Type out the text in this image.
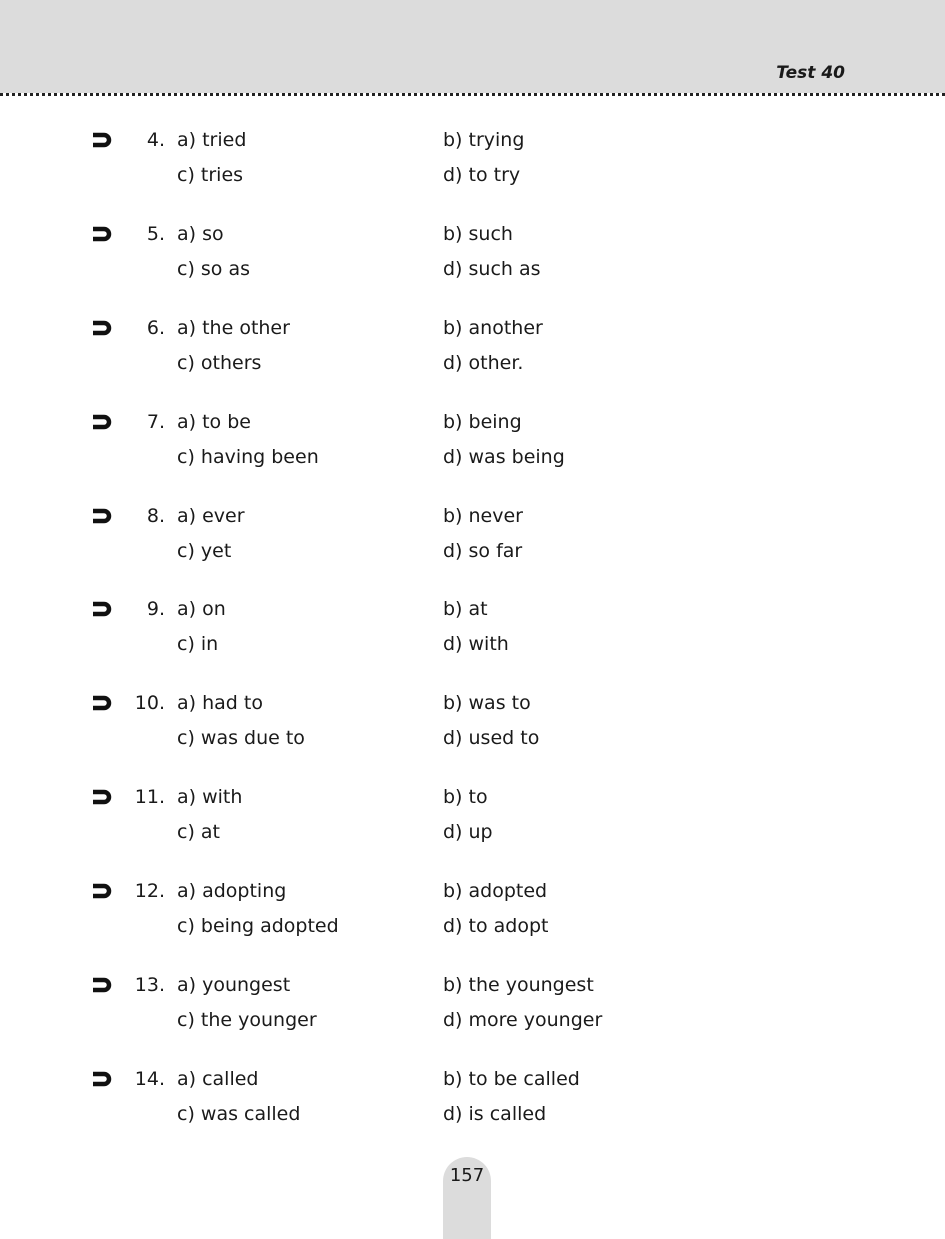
Test 40
4. a) tried	b) trying
c) tries	d) to try
5. a) so	b) such
c) so as	d) such as
6. a) the other	b) another
c) others	d) other.
7. a) to be	b) being
c) having been	d) was being
8. a) ever	b) never
c) yet	d) so far
9. a) on	b) at
c) in	d) with
10. a) had to	b) was to
c) was due to	d) used to
11. a) with	b) to
c) at	d) up
12. a) adopting	b) adopted
c) being adopted	d) to adopt
13. a) youngest	b) the youngest
c) the younger	d) more younger
14. a) called	b) to be called
c) was called	d) is called
157
